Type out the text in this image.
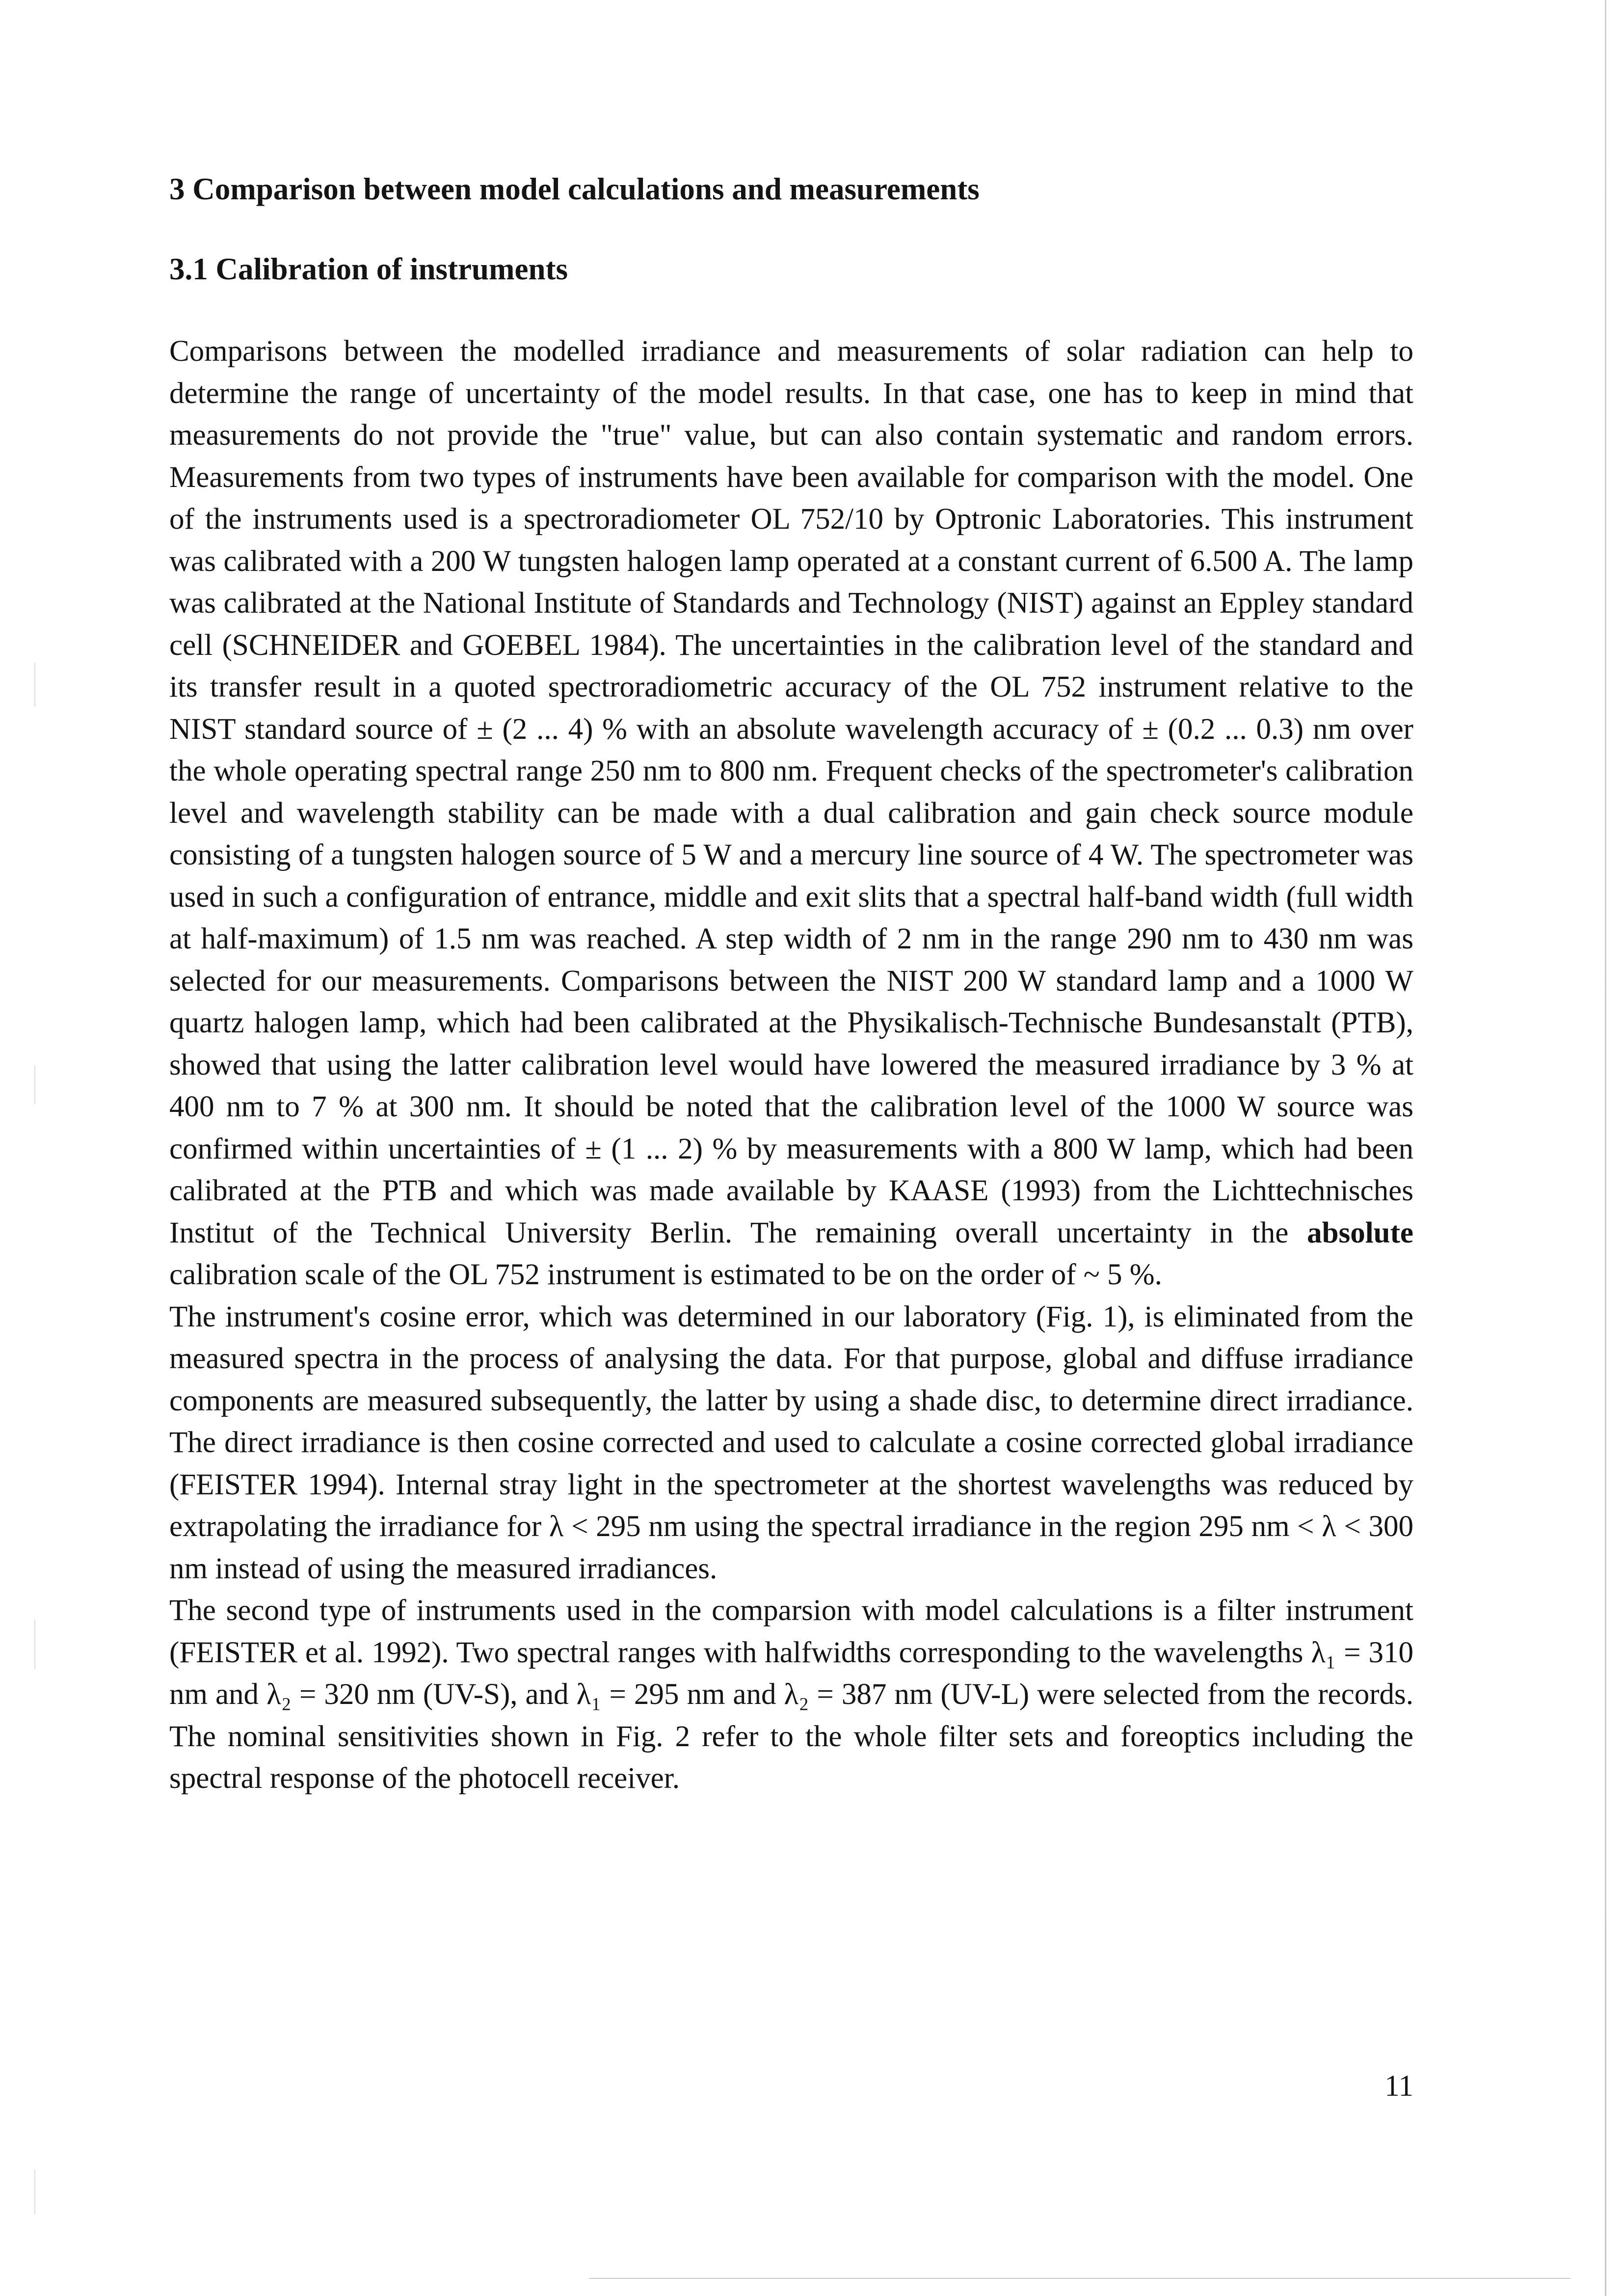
3 Comparison between model calculations and measurements
3.1 Calibration of instruments

Comparisons between the modelled irradiance and measurements of solar radiation can help to determine the range of uncertainty of the model results. In that case, one has to keep in mind that measurements do not provide the "true" value, but can also contain systematic and random errors. Measurements from two types of instruments have been available for comparison with the model. One of the instruments used is a spectroradiometer OL 752/10 by Optronic Laboratories. This instrument was calibrated with a 200 W tungsten halogen lamp operated at a constant current of 6.500 A. The lamp was calibrated at the National Institute of Standards and Technology (NIST) against an Eppley standard cell (SCHNEIDER and GOEBEL 1984). The uncertainties in the calibration level of the standard and its transfer result in a quoted spectroradiometric accuracy of the OL 752 instrument relative to the NIST standard source of ± (2 ... 4) % with an absolute wavelength accuracy of ± (0.2 ... 0.3) nm over the whole operating spectral range 250 nm to 800 nm. Frequent checks of the spectrometer's calibration level and wavelength stability can be made with a dual calibration and gain check source module consisting of a tungsten halogen source of 5 W and a mercury line source of 4 W. The spectrometer was used in such a configuration of entrance, middle and exit slits that a spectral half-band width (full width at half-maximum) of 1.5 nm was reached. A step width of 2 nm in the range 290 nm to 430 nm was selected for our measurements. Comparisons between the NIST 200 W standard lamp and a 1000 W quartz halogen lamp, which had been calibrated at the Physikalisch-Technische Bundesanstalt (PTB), showed that using the latter calibration level would have lowered the measured irradiance by 3 % at 400 nm to 7 % at 300 nm. It should be noted that the calibration level of the 1000 W source was confirmed within uncertainties of ± (1 ... 2) % by measurements with a 800 W lamp, which had been calibrated at the PTB and which was made available by KAASE (1993) from the Lichttechnisches Institut of the Technical University Berlin. The remaining overall uncertainty in the absolute calibration scale of the OL 752 instrument is estimated to be on the order of ~ 5 %.

The instrument's cosine error, which was determined in our laboratory (Fig. 1), is eliminated from the measured spectra in the process of analysing the data. For that purpose, global and diffuse irradiance components are measured subsequently, the latter by using a shade disc, to determine direct irradiance. The direct irradiance is then cosine corrected and used to calculate a cosine corrected global irradiance (FEISTER 1994). Internal stray light in the spectrometer at the shortest wavelengths was reduced by extrapolating the irradiance for λ < 295 nm using the spectral irradiance in the region 295 nm < λ < 300 nm instead of using the measured irradiances.

The second type of instruments used in the comparsion with model calculations is a filter instrument (FEISTER et al. 1992). Two spectral ranges with halfwidths corresponding to the wavelengths λ₁ = 310 nm and λ₂ = 320 nm (UV-S), and λ₁ = 295 nm and λ₂ = 387 nm (UV-L) were selected from the records. The nominal sensitivities shown in Fig. 2 refer to the whole filter sets and foreoptics including the spectral response of the photocell receiver.

11
